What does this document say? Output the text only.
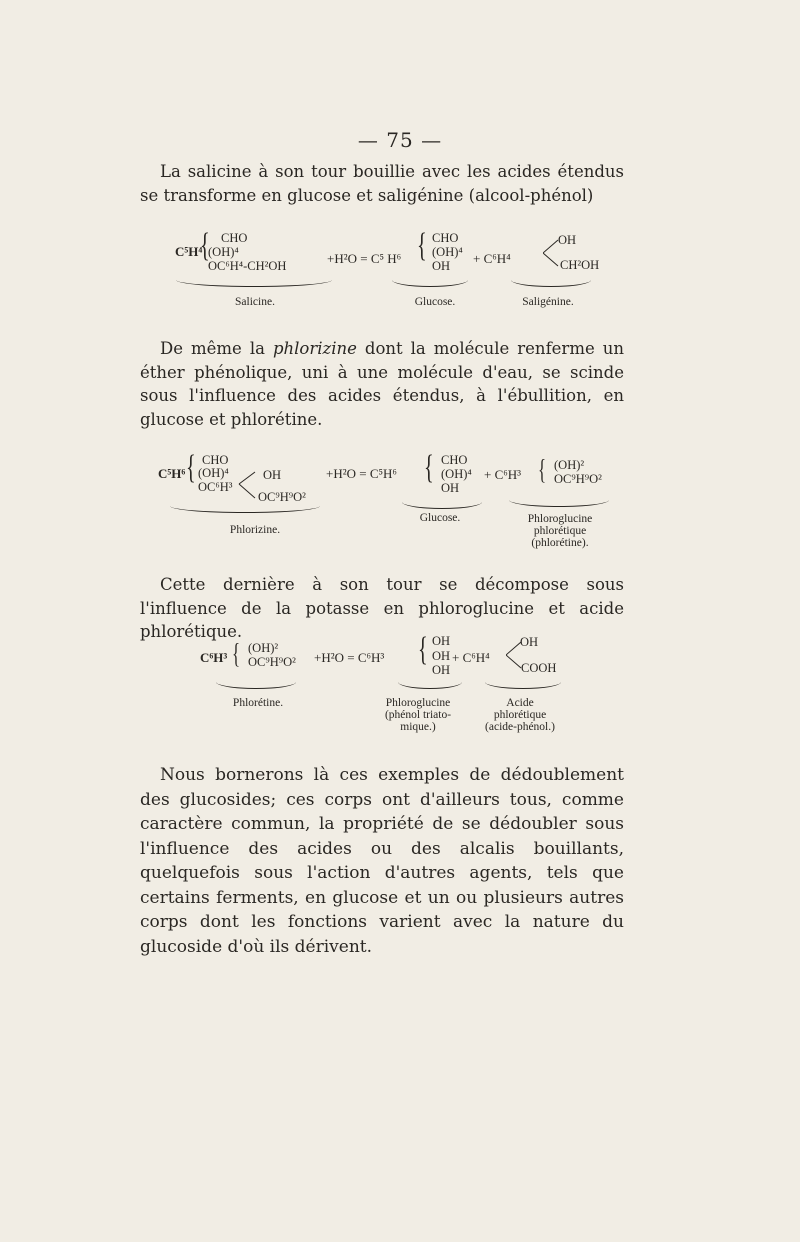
— 75 —

La salicine à son tour bouillie avec les acides étendus se transforme en glucose et saligénine (alcool-phénol)

C⁵H⁴
{ CHO
(OH)⁴
OC⁶H⁴-CH²OH	+H²O = C⁵ H⁶ { CHO
(OH)⁴
OH + C⁶H⁴
OH
CH²OH
Salicine.	Glucose.	Saligénine.

De même la phlorizine dont la molécule renferme un éther phénolique, uni à une molécule d'eau, se scinde sous l'influence des acides étendus, à l'ébullition, en glucose et phlorétine.

C⁵H⁶ { CHO
(OH)⁴
OC⁶H³
OH
OC⁹H⁹O²
+H²O = C⁵H⁶ { CHO
(OH)⁴
OH
+ C⁶H³ { (OH)²
OC⁹H⁹O²
Phlorizine.
Glucose.	Phloroglucine
phlorétique
(phlorétine).

Cette dernière à son tour se décompose sous l'influence de la potasse en phloroglucine et acide phlorétique.

C⁶H³ { (OH)²
OC⁹H⁹O² +H²O = C⁶H³ { OH
OH
OH
+ C⁶H⁴
OH
COOH
Phlorétine.	Phloroglucine
(phénol triato-
mique.)
Acide
phlorétique
(acide-phénol.)

Nous bornerons là ces exemples de dédoublement des glucosides; ces corps ont d'ailleurs tous, comme caractère commun, la propriété de se dédoubler sous l'influence des acides ou des alcalis bouillants, quelquefois sous l'action d'autres agents, tels que certains ferments, en glucose et un ou plusieurs autres corps dont les fonctions varient avec la nature du glucoside d'où ils dérivent.
